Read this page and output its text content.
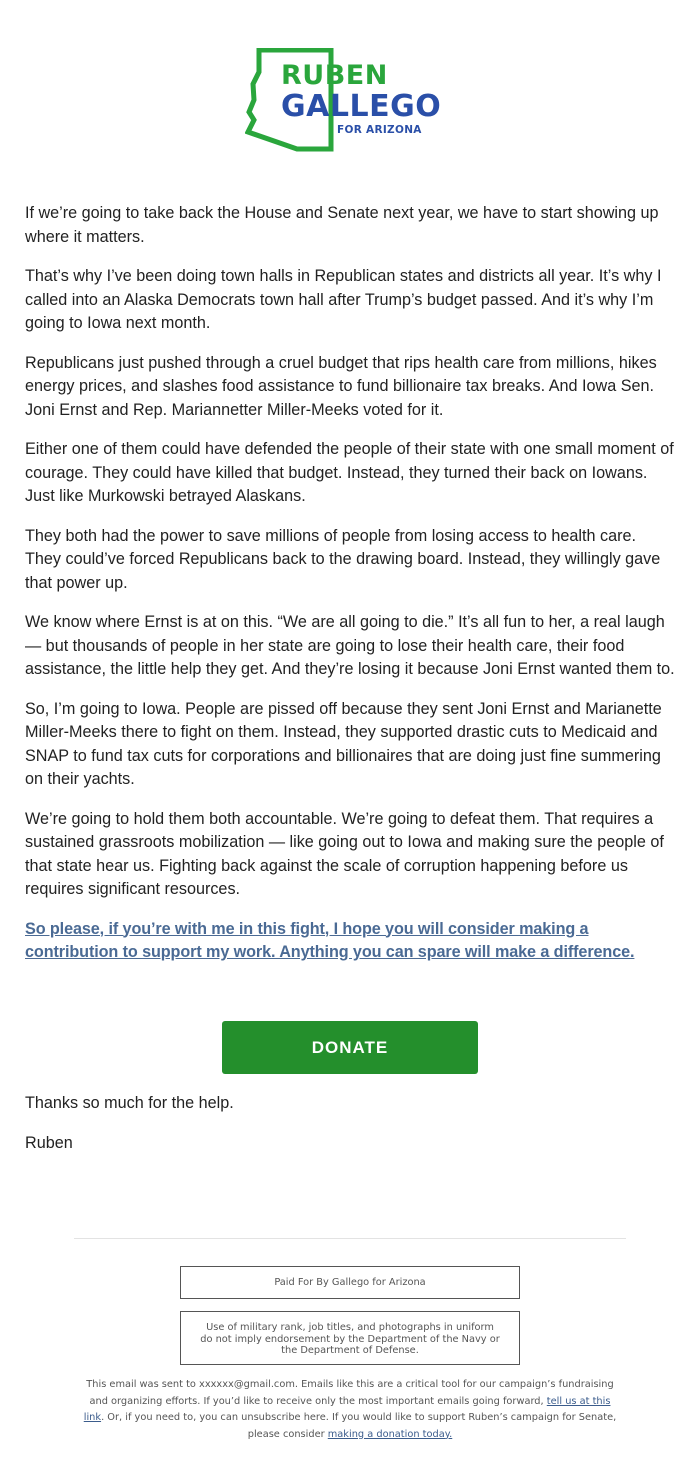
RUBEN
GALLEGO
FOR ARIZONA

If we’re going to take back the House and Senate next year, we have to start showing up where it matters.

That’s why I’ve been doing town halls in Republican states and districts all year. It’s why I called into an Alaska Democrats town hall after Trump’s budget passed. And it’s why I’m going to Iowa next month.

Republicans just pushed through a cruel budget that rips health care from millions, hikes energy prices, and slashes food assistance to fund billionaire tax breaks. And Iowa Sen. Joni Ernst and Rep. Mariannetter Miller-Meeks voted for it.

Either one of them could have defended the people of their state with one small moment of courage. They could have killed that budget. Instead, they turned their back on Iowans. Just like Murkowski betrayed Alaskans.

They both had the power to save millions of people from losing access to health care. They could’ve forced Republicans back to the drawing board. Instead, they willingly gave that power up.

We know where Ernst is at on this. “We are all going to die.” It’s all fun to her, a real laugh — but thousands of people in her state are going to lose their health care, their food assistance, the little help they get. And they’re losing it because Joni Ernst wanted them to.

So, I’m going to Iowa. People are pissed off because they sent Joni Ernst and Marianette Miller-Meeks there to fight on them. Instead, they supported drastic cuts to Medicaid and SNAP to fund tax cuts for corporations and billionaires that are doing just fine summering on their yachts.

We’re going to hold them both accountable. We’re going to defeat them. That requires a sustained grassroots mobilization — like going out to Iowa and making sure the people of that state hear us. Fighting back against the scale of corruption happening before us requires significant resources.

So please, if you’re with me in this fight, I hope you will consider making a contribution to support my work. Anything you can spare will make a difference.

DONATE
Thanks so much for the help.
Ruben
Paid For By Gallego for Arizona
Use of military rank, job titles, and photographs in uniform do not imply endorsement by the Department of the Navy or the Department of Defense.
This email was sent to xxxxxx@gmail.com. Emails like this are a critical tool for our campaign’s fundraising and organizing efforts. If you’d like to receive only the most important emails going forward, tell us at this link. Or, if you need to, you can unsubscribe here. If you would like to support Ruben’s campaign for Senate, please consider making a donation today.
